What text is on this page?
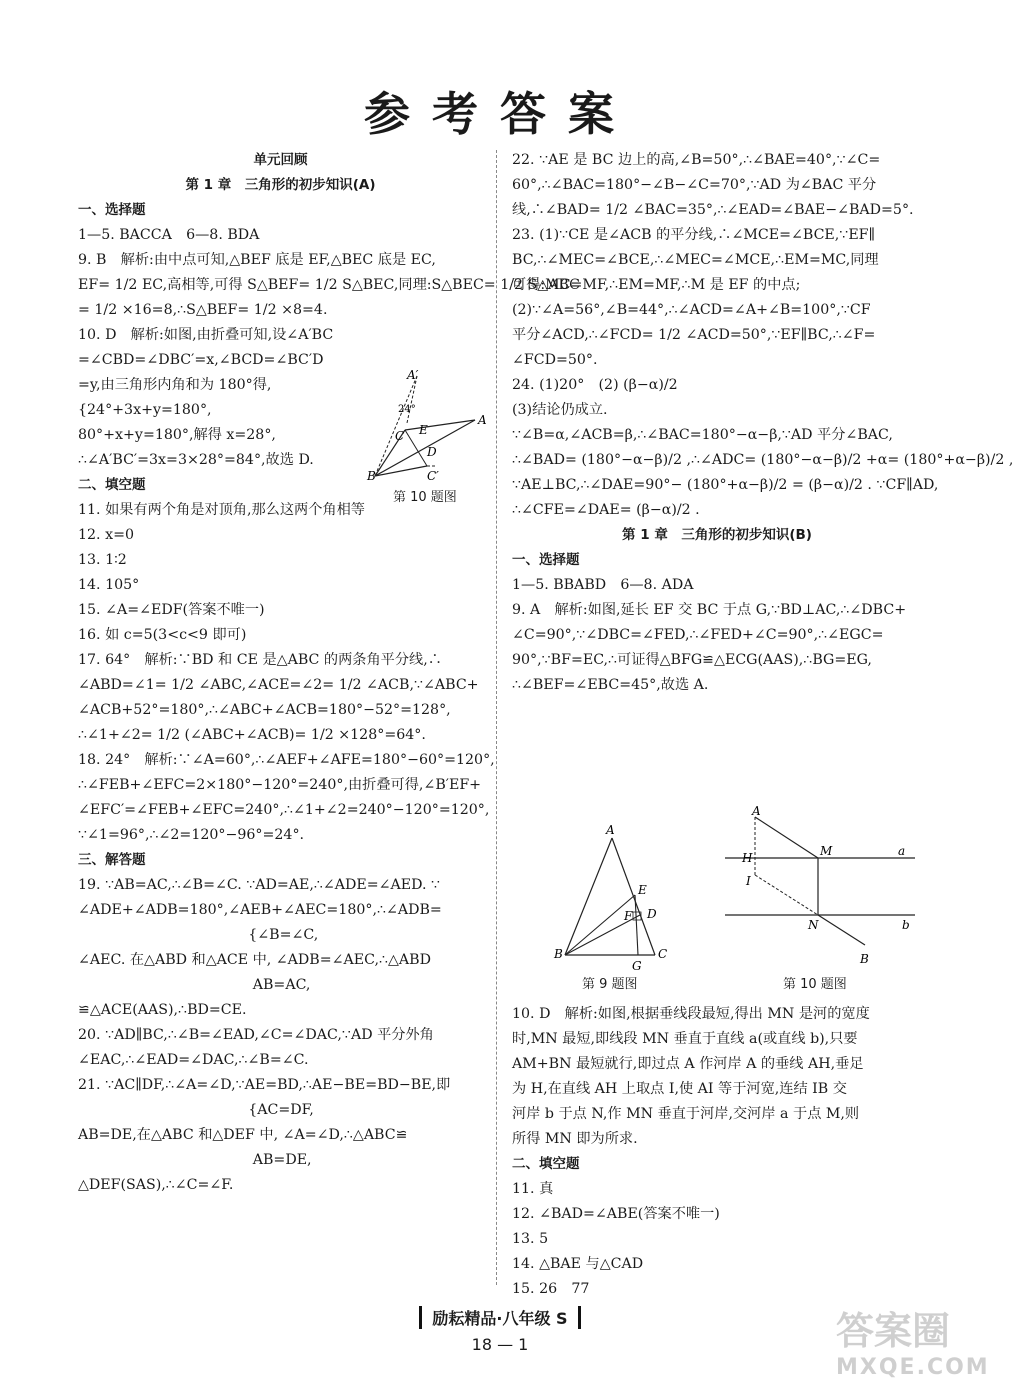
参考答案
单元回顾
第 1 章　三角形的初步知识(A)
一、选择题
1—5. BACCA　6—8. BDA
9. B　解析:由中点可知,△BEF 底是 EF,△BEC 底是 EC,
EF= 1/2 EC,高相等,可得 S△BEF= 1/2 S△BEC,同理:S△BEC= 1/2 S△ABC
= 1/2 ×16=8,∴S△BEF= 1/2 ×8=4.
10. D　解析:如图,由折叠可知,设∠A′BC
=∠CBD=∠DBC′=x,∠BCD=∠BC′D
=y,由三角形内角和为 180°得,
{24°+3x+y=180°,
80°+x+y=180°,解得 x=28°,
∴∠A′BC′=3x=3×28°=84°,故选 D.
二、填空题
11. 如果有两个角是对顶角,那么这两个角相等
12. x=0
13. 1∶2
14. 105°
15. ∠A=∠EDF(答案不唯一)
16. 如 c=5(3<c<9 即可)
17. 64°　解析:∵BD 和 CE 是△ABC 的两条角平分线,∴
∠ABD=∠1= 1/2 ∠ABC,∠ACE=∠2= 1/2 ∠ACB,∵∠ABC+
∠ACB+52°=180°,∴∠ABC+∠ACB=180°−52°=128°,
∴∠1+∠2= 1/2 (∠ABC+∠ACB)= 1/2 ×128°=64°.
18. 24°　解析:∵∠A=60°,∴∠AEF+∠AFE=180°−60°=120°,
∴∠FEB+∠EFC=2×180°−120°=240°,由折叠可得,∠B′EF+
∠EFC′=∠FEB+∠EFC=240°,∴∠1+∠2=240°−120°=120°,
∵∠1=96°,∴∠2=120°−96°=24°.
三、解答题
19. ∵AB=AC,∴∠B=∠C. ∵AD=AE,∴∠ADE=∠AED. ∵
∠ADE+∠ADB=180°,∠AEB+∠AEC=180°,∴∠ADB=
　　　　　　　　　　　　{∠B=∠C,
∠AEC. 在△ABD 和△ACE 中, ∠ADB=∠AEC,∴△ABD
　　　　　　　　　　　　 AB=AC,
≌△ACE(AAS),∴BD=CE.
20. ∵AD∥BC,∴∠B=∠EAD,∠C=∠DAC,∵AD 平分外角
∠EAC,∴∠EAD=∠DAC,∴∠B=∠C.
21. ∵AC∥DF,∴∠A=∠D,∵AE=BD,∴AE−BE=BD−BE,即
　　　　　　　　　　　　{AC=DF,
AB=DE,在△ABC 和△DEF 中, ∠A=∠D,∴△ABC≌
　　　　　　　　　　　　 AB=DE,
△DEF(SAS),∴∠C=∠F.
22. ∵AE 是 BC 边上的高,∠B=50°,∴∠BAE=40°,∵∠C=
60°,∴∠BAC=180°−∠B−∠C=70°,∵AD 为∠BAC 平分
线,∴∠BAD= 1/2 ∠BAC=35°,∴∠EAD=∠BAE−∠BAD=5°.
23. (1)∵CE 是∠ACB 的平分线,∴∠MCE=∠BCE,∵EF∥
BC,∴∠MEC=∠BCE,∴∠MEC=∠MCE,∴EM=MC,同理
可得:MC=MF,∴EM=MF,∴M 是 EF 的中点;
(2)∵∠A=56°,∠B=44°,∴∠ACD=∠A+∠B=100°,∵CF
平分∠ACD,∴∠FCD= 1/2 ∠ACD=50°,∵EF∥BC,∴∠F=
∠FCD=50°.
24. (1)20°　(2) (β−α)/2
(3)结论仍成立.
∵∠B=α,∠ACB=β,∴∠BAC=180°−α−β,∵AD 平分∠BAC,
∴∠BAD= (180°−α−β)/2 ,∴∠ADC= (180°−α−β)/2 +α= (180°+α−β)/2 ,
∵AE⊥BC,∴∠DAE=90°− (180°+α−β)/2 = (β−α)/2 . ∵CF∥AD,
∴∠CFE=∠DAE= (β−α)/2 .
第 1 章　三角形的初步知识(B)
一、选择题
1—5. BBABD　6—8. ADA
9. A　解析:如图,延长 EF 交 BC 于点 G,∵BD⊥AC,∴∠DBC+
∠C=90°,∵∠DBC=∠FED,∴∠FED+∠C=90°,∴∠EGC=
90°,∵BF=EC,∴可证得△BFG≌△ECG(AAS),∴BG=EG,
∴∠BEF=∠EBC=45°,故选 A.
10. D　解析:如图,根据垂线段最短,得出 MN 是河的宽度
时,MN 最短,即线段 MN 垂直于直线 a(或直线 b),只要
AM+BN 最短就行,即过点 A 作河岸 A 的垂线 AH,垂足
为 H,在直线 AH 上取点 I,使 AI 等于河宽,连结 IB 交
河岸 b 于点 N,作 MN 垂直于河岸,交河岸 a 于点 M,则
所得 MN 即为所求.
二、填空题
11. 真
12. ∠BAD=∠ABE(答案不唯一)
13. 5
14. △BAE 与△CAD
15. 26　77
A′
24°
E
A
C
D
C′
B
第 10 题图
A
E
F D
B	C
G
第 9 题图
A
H	M	a
I
N	b
B
第 10 题图
励耘精品·八年级 S
18 — 1	答案圈
MXQE.COM
